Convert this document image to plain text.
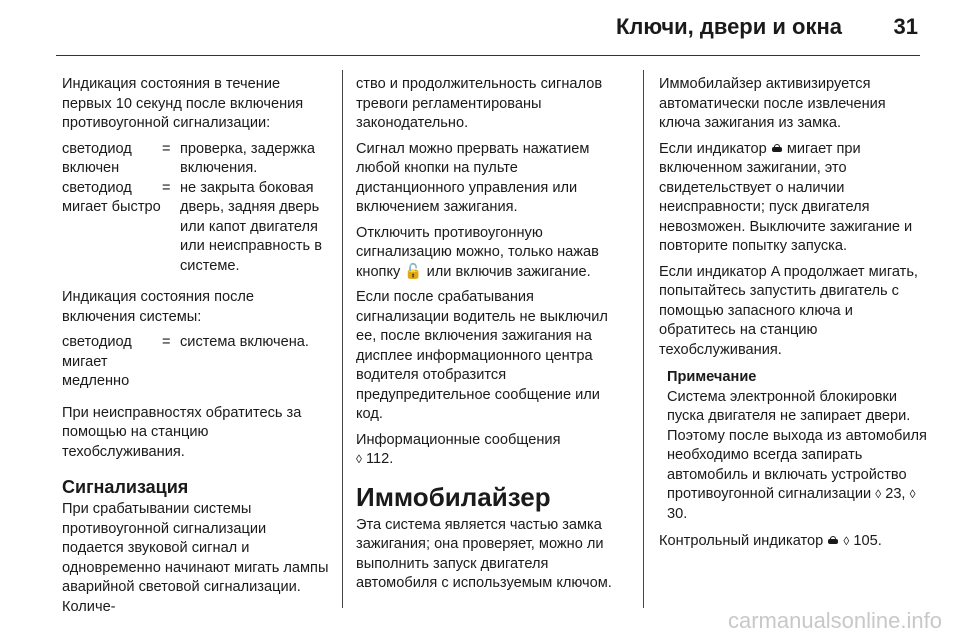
Ключи, двери и окна 31

Индикация состояния в течение первых 10 секунд после включения противоугонной сигнализации:

светодиод включен	=	проверка, задержка включения.
светодиод мигает быстро	=	не закрыта боковая дверь, задняя дверь или капот двигателя или неисправность в системе.

Индикация состояния после включения системы:

светодиод мигает медленно	=	система включена.

При неисправностях обратитесь за помощью на станцию техобслуживания.

Сигнализация

При срабатывании системы противоугонной сигнализации подается звуковой сигнал и одновременно начинают мигать лампы аварийной световой сигнализации. Количе-

ство и продолжительность сигналов тревоги регламентированы законодательно.

Сигнал можно прервать нажатием любой кнопки на пульте дистанционного управления или включением зажигания.

Отключить противоугонную сигнализацию можно, только нажав кнопку 🔓 или включив зажигание.

Если после срабатывания сигнализации водитель не выключил ее, после включения зажигания на дисплее информационного центра водителя отобразится предупредительное сообщение или код.

Информационные сообщения
◊ 112.

Иммобилайзер

Эта система является частью замка зажигания; она проверяет, можно ли выполнить запуск двигателя автомобиля с используемым ключом.

Иммобилайзер активизируется автоматически после извлечения ключа зажигания из замка.

Если индикатор мигает при включенном зажигании, это свидетельствует о наличии неисправности; пуск двигателя невозможен. Выключите зажигание и повторите попытку запуска.

Если индикатор A продолжает мигать, попытайтесь запустить двигатель с помощью запасного ключа и обратитесь на станцию техобслуживания.

Примечание
Система электронной блокировки пуска двигателя не запирает двери. Поэтому после выхода из автомобиля необходимо всегда запирать автомобиль и включать устройство противоугонной сигнализации ◊ 23, ◊ 30.

Контрольный индикатор ◊ 105.

carmanualsonline.info
